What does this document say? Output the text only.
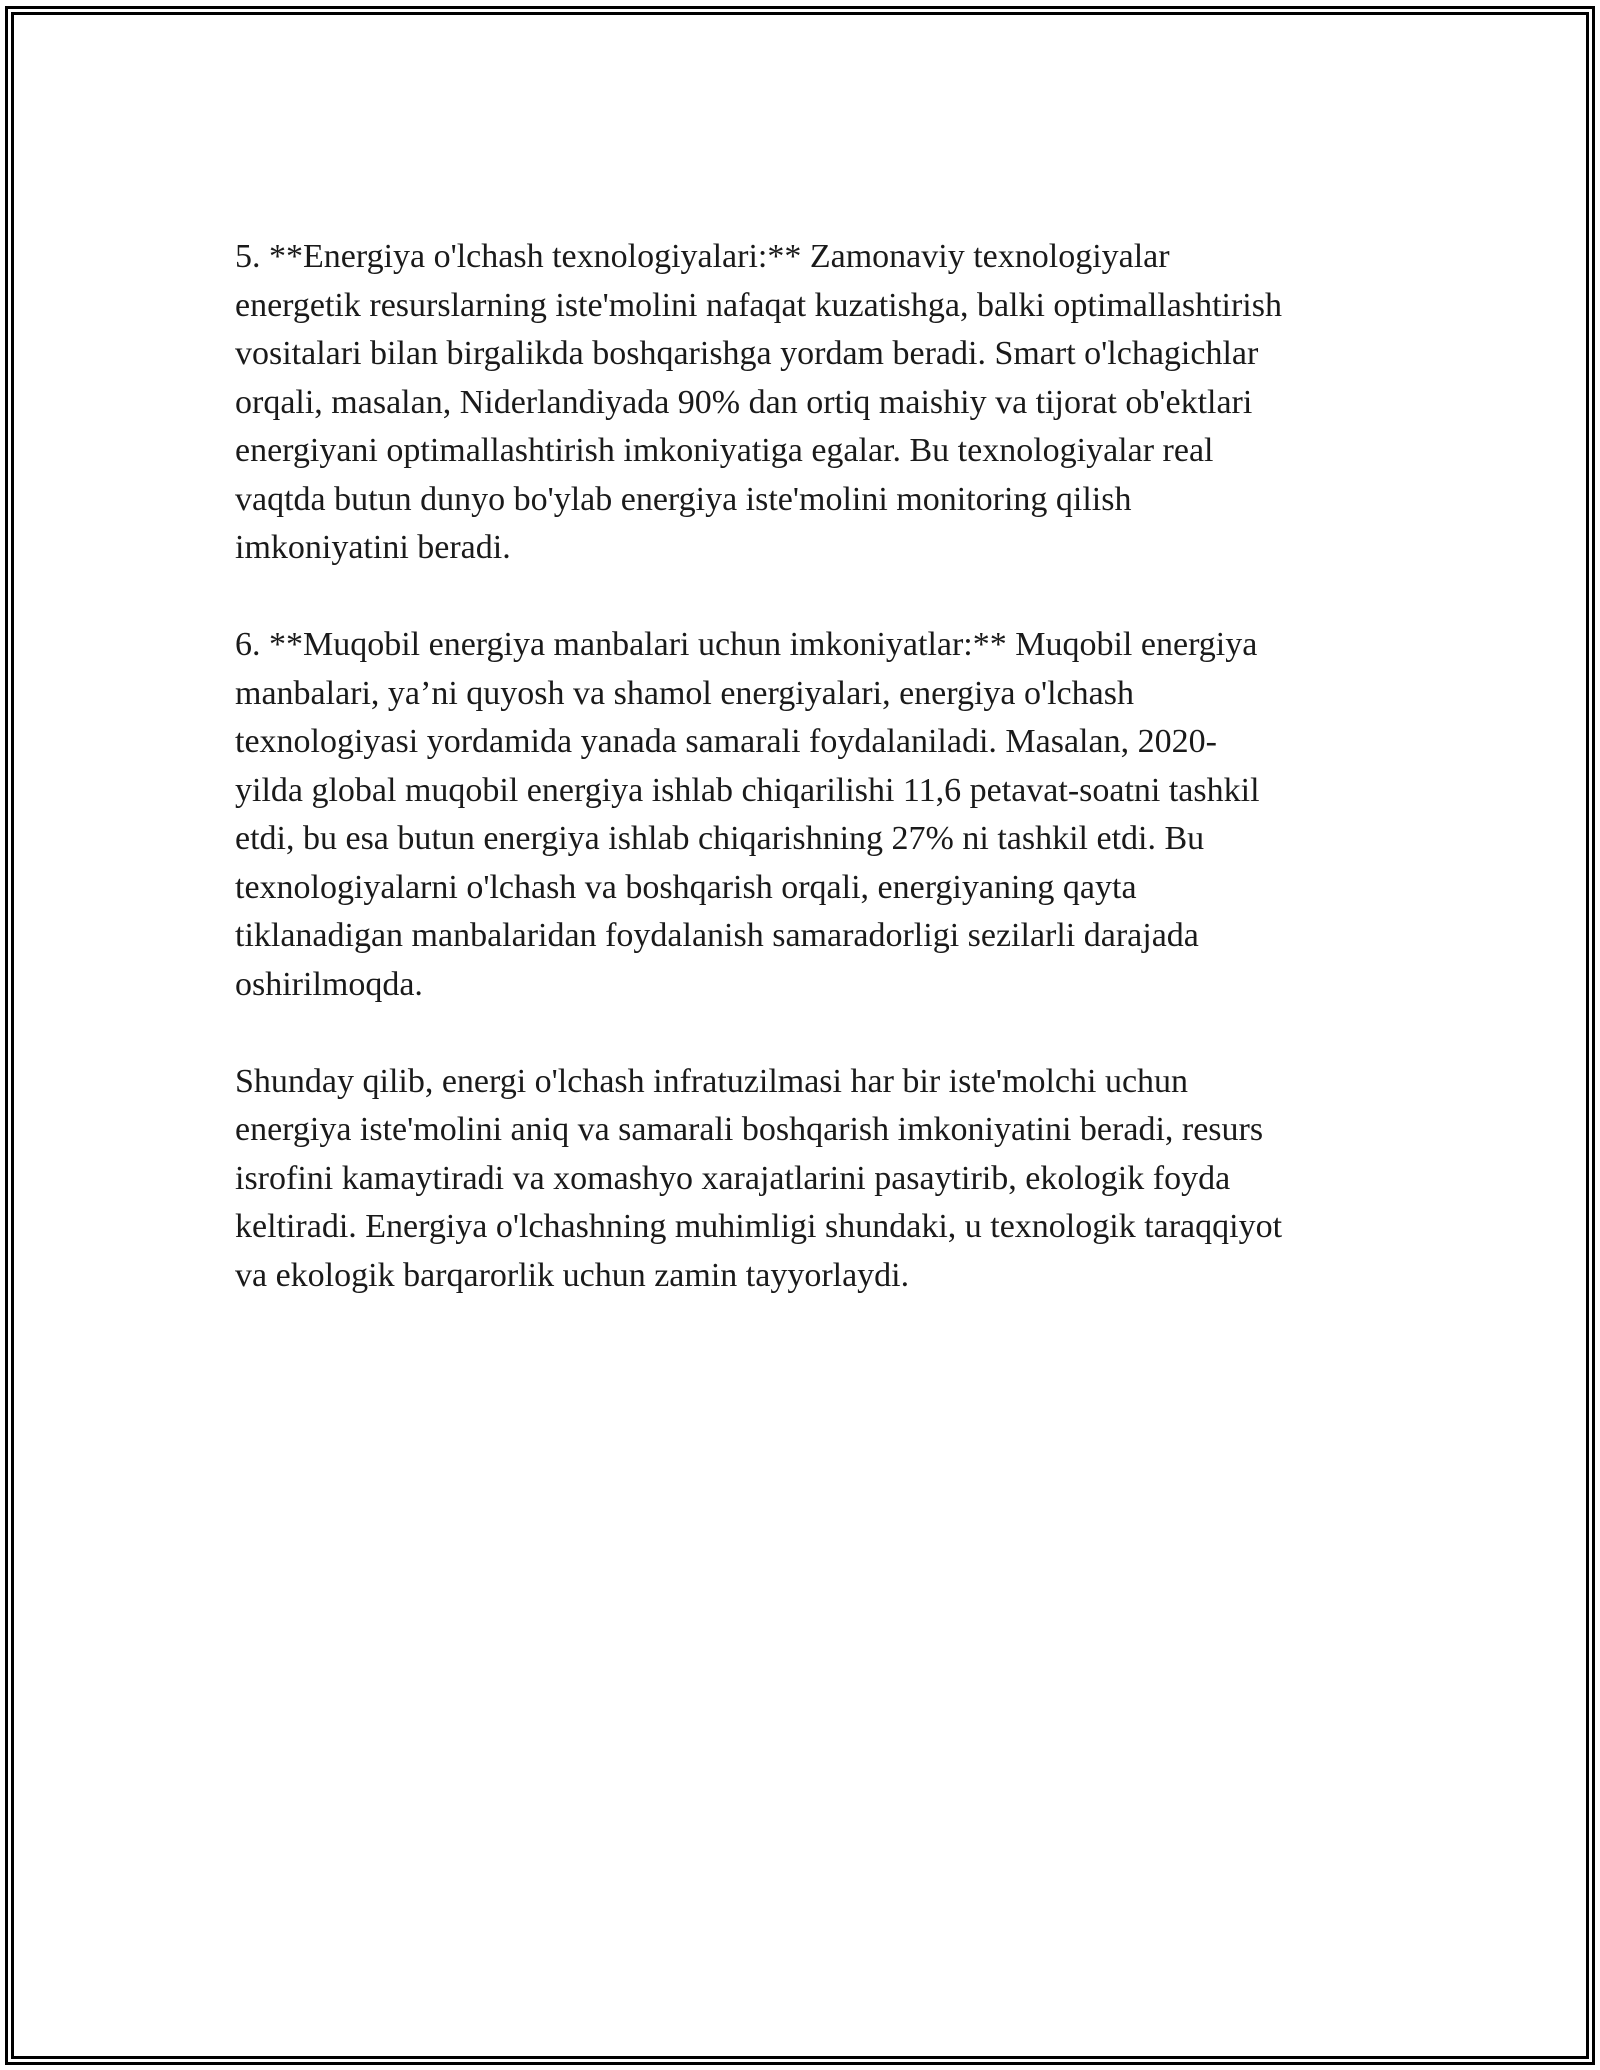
5. **Energiya o'lchash texnologiyalari:** Zamonaviy texnologiyalar
energetik resurslarning iste'molini nafaqat kuzatishga, balki optimallashtirish
vositalari bilan birgalikda boshqarishga yordam beradi. Smart o'lchagichlar
orqali, masalan, Niderlandiyada 90% dan ortiq maishiy va tijorat ob'ektlari
energiyani optimallashtirish imkoniyatiga egalar. Bu texnologiyalar real
vaqtda butun dunyo bo'ylab energiya iste'molini monitoring qilish
imkoniyatini beradi.

6. **Muqobil energiya manbalari uchun imkoniyatlar:** Muqobil energiya
manbalari, ya’ni quyosh va shamol energiyalari, energiya o'lchash
texnologiyasi yordamida yanada samarali foydalaniladi. Masalan, 2020-
yilda global muqobil energiya ishlab chiqarilishi 11,6 petavat-soatni tashkil
etdi, bu esa butun energiya ishlab chiqarishning 27% ni tashkil etdi. Bu
texnologiyalarni o'lchash va boshqarish orqali, energiyaning qayta
tiklanadigan manbalaridan foydalanish samaradorligi sezilarli darajada
oshirilmoqda.

Shunday qilib, energi o'lchash infratuzilmasi har bir iste'molchi uchun
energiya iste'molini aniq va samarali boshqarish imkoniyatini beradi, resurs
isrofini kamaytiradi va xomashyo xarajatlarini pasaytirib, ekologik foyda
keltiradi. Energiya o'lchashning muhimligi shundaki, u texnologik taraqqiyot
va ekologik barqarorlik uchun zamin tayyorlaydi.
